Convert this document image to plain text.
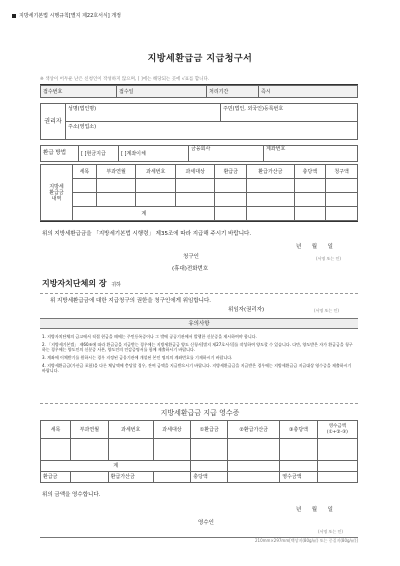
지방세기본법 시행규칙[별지 제22호서식] 개정
지방세환급금 지급청구서
※ 색상이 어두운 난은 신청인이 작성하지 않으며, [ ]에는 해당되는 곳에 √표를 합니다.
접수번호	접수일	처리기간	즉시
권리자	성명(법인명)	주민(법인, 외국인)등록번호
주소(영업소)
환급 방법	[ ]현금지급	[ ]계좌이체	금융회사	계좌번호
지방세
환급금
내역	세목	부과연월	과세번호	과세대상	환급금	환급가산금	충당액	청구액

	계							
위의 지방세환급금을 「지방세기본법 시행령」 제35조에 따라 지급해 주시기 바랍니다.
년      월      일
청구인	(서명 또는 인)
(휴대)전화번호
지방자치단체의 장 귀하
위 지방세환급금에 대한 지급청구의 권한을 청구인에게 위임합니다.
위임자(권리자)	(서명 또는 인)
유의사항

1. 지방자치단체의 금고에서 직접 현금을 때에는 주민등록증이나 그 밖에 공공기관에서 발행한 신분증을 제시하여야 합니다.

2. 「지방세기본법」 제60조에 따라 환급금을 지급받는 경우에는 지방세환급금 양도 신청서[별지 제27호서식]를 작성하여 양도할 수 있습니다. 다만, 양도받은 자가 환급금을 청구하는 경우에는 양도인의 신분증 사본, 양도인의 인감증명서를 함께 제출하시기 바랍니다.

3. 계좌에 이체받기를 원하시는 경우 지정된 금융기관에 개설된 본인 명의의 계좌번호를 기재하시기 바랍니다.

4. 지방세환급금(가산금 포함)을 다른 체납액에 충당할 경우, 잔여 금액을 지급받으시기 바랍니다. 지방세환급금을 지급받은 경우에는 지방세환급금 지급대상 영수증을 제출하시기 바랍니다.

지방세환급금 지급 영수증
세목	부과연월	과세번호	과세대상	①환급금	②환급가산금	③충당액	영수금액
(①+②-③)

계							
환급금		환급가산금		충당액		영수금액	
위의 금액을 영수합니다.
년      월      일
영수인
(서명 또는 인)
210mm×297mm[백상지(80g/㎡) 또는 중질지(80g/㎡)]
